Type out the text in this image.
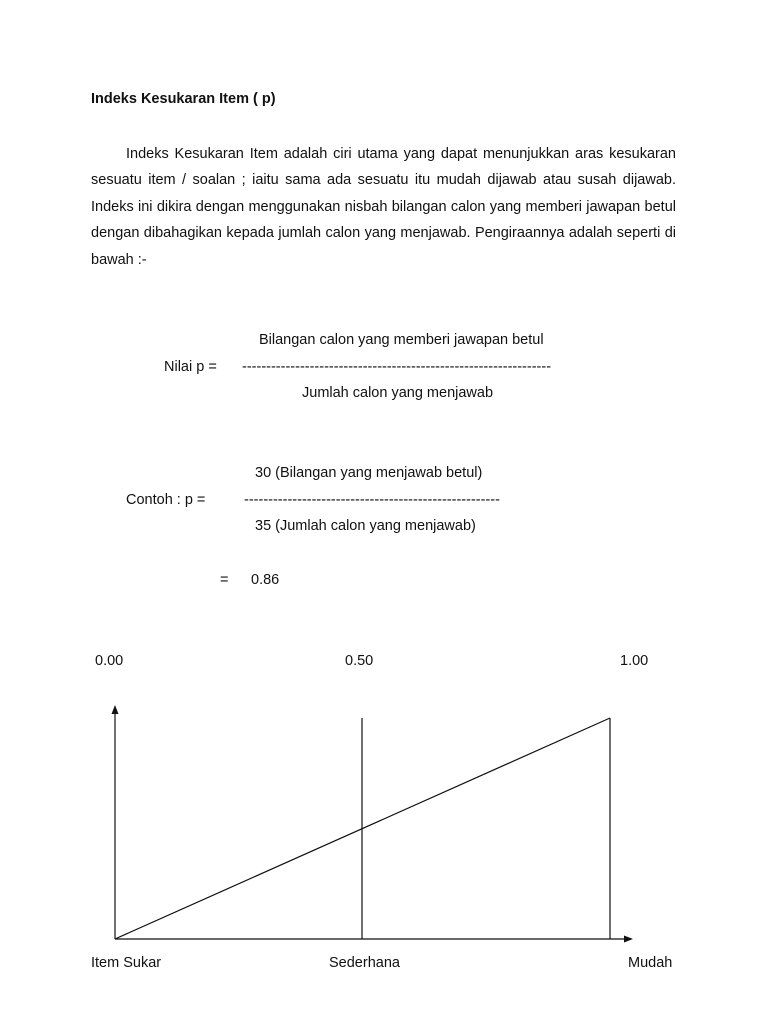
Indeks Kesukaran Item ( p)
Indeks Kesukaran Item adalah ciri utama yang dapat menunjukkan aras kesukaran sesuatu item / soalan ; iaitu sama ada sesuatu itu mudah dijawab atau susah dijawab. Indeks ini dikira dengan menggunakan nisbah bilangan calon yang memberi jawapan betul dengan dibahagikan kepada jumlah calon yang menjawab. Pengiraannya adalah seperti di bawah :-
Bilangan calon yang memberi jawapan betul
Nilai p = ----------------------------------------------------------------
Jumlah calon yang menjawab
30 (Bilangan yang menjawab betul)
Contoh : p =	-----------------------------------------------------
35 (Jumlah calon yang menjawab)
= 0.86
0.00	0.50	1.00
Item Sukar	Sederhana	Mudah
